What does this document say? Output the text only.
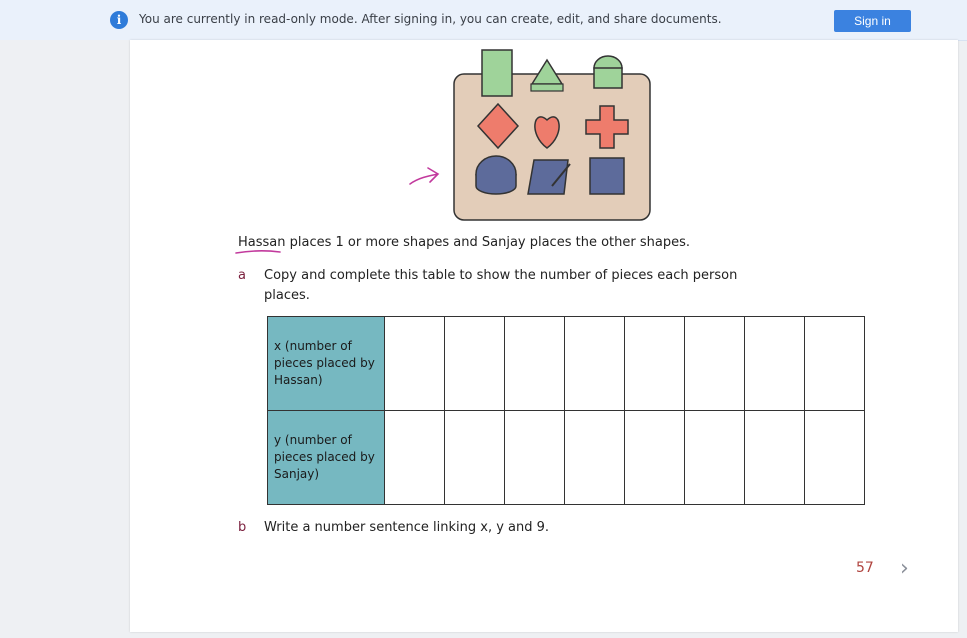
i	You are currently in read-only mode. After signing in, you can create, edit, and share documents.	Sign in
Hassan places 1 or more shapes and Sanjay places the other shapes.
a Copy and complete this table to show the number of pieces each person places.
x (number of pieces placed by Hassan)								
y (number of pieces placed by Sanjay)								
b Write a number sentence linking x, y and 9.
57 ›
